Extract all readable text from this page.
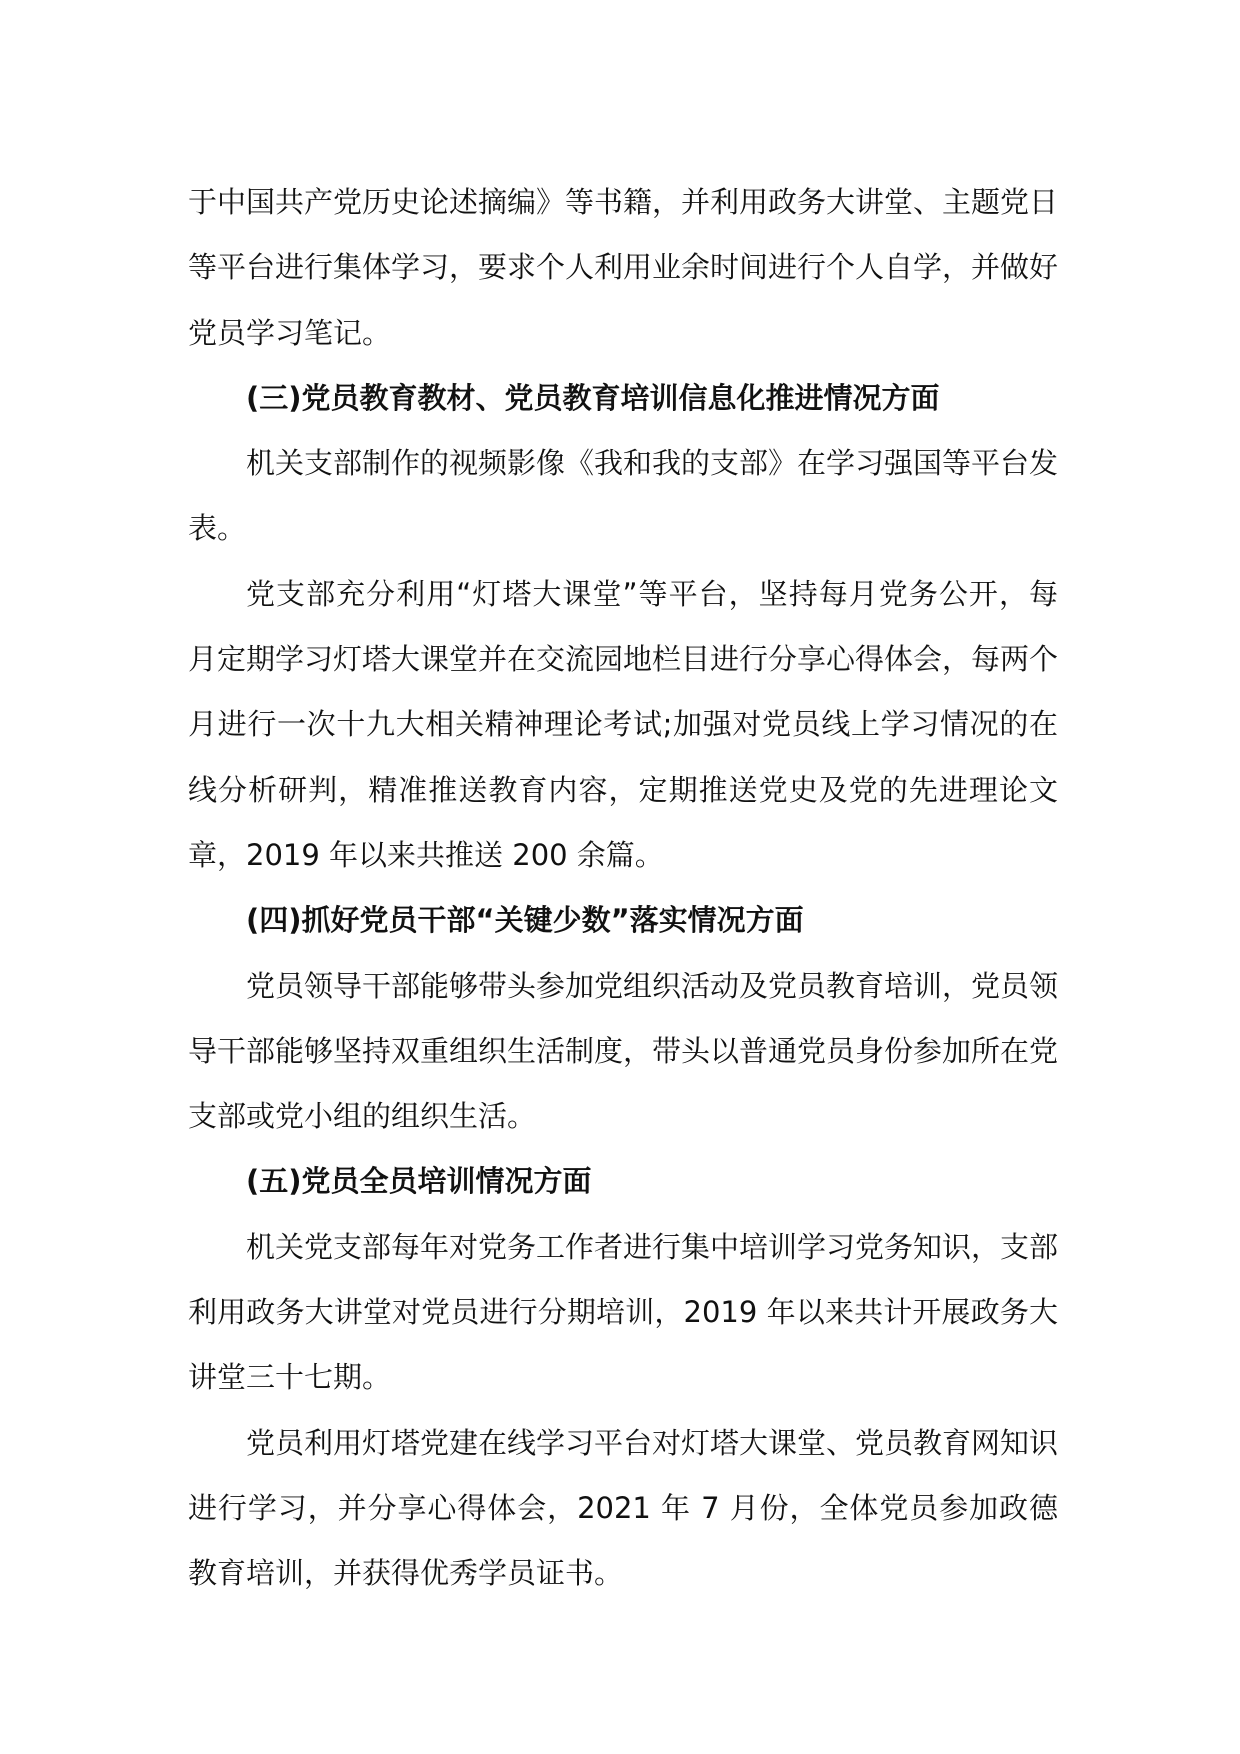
于中国共产党历史论述摘编》等书籍，并利用政务大讲堂、主题党日等平台进行集体学习，要求个人利用业余时间进行个人自学，并做好党员学习笔记。

(三)党员教育教材、党员教育培训信息化推进情况方面

机关支部制作的视频影像《我和我的支部》在学习强国等平台发表。

党支部充分利用“灯塔大课堂”等平台，坚持每月党务公开，每月定期学习灯塔大课堂并在交流园地栏目进行分享心得体会，每两个月进行一次十九大相关精神理论考试;加强对党员线上学习情况的在线分析研判，精准推送教育内容，定期推送党史及党的先进理论文章，2019 年以来共推送 200 余篇。

(四)抓好党员干部“关键少数”落实情况方面

党员领导干部能够带头参加党组织活动及党员教育培训，党员领导干部能够坚持双重组织生活制度，带头以普通党员身份参加所在党支部或党小组的组织生活。

(五)党员全员培训情况方面

机关党支部每年对党务工作者进行集中培训学习党务知识，支部利用政务大讲堂对党员进行分期培训，2019 年以来共计开展政务大讲堂三十七期。

党员利用灯塔党建在线学习平台对灯塔大课堂、党员教育网知识进行学习，并分享心得体会，2021 年 7 月份，全体党员参加政德教育培训，并获得优秀学员证书。
